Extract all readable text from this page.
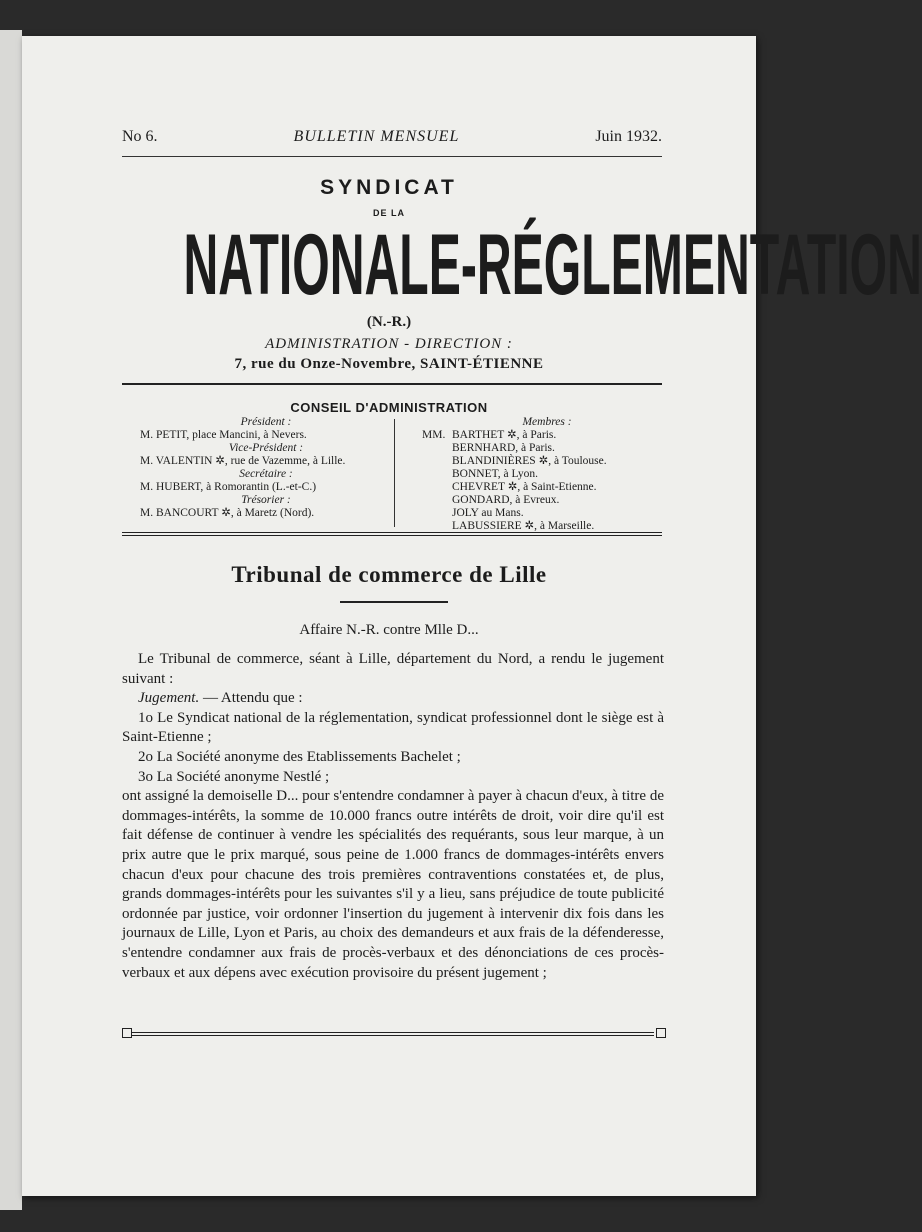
No 6.	BULLETIN MENSUEL	Juin 1932.
SYNDICAT
DE LA
NATIONALE-RÉGLEMENTATION
(N.-R.)
ADMINISTRATION - DIRECTION :
7, rue du Onze-Novembre, SAINT-ÉTIENNE
CONSEIL D'ADMINISTRATION
Président :
M. PETIT, place Mancini, à Nevers.
Vice-Président :
M. VALENTIN ✲, rue de Vazemme, à Lille.
Secrétaire :
M. HUBERT, à Romorantin (L.-et-C.)
Trésorier :
M. BANCOURT ✲, à Maretz (Nord).
Membres :
MM. BARTHET ✲, à Paris.
BERNHARD, à Paris.
BLANDINIÈRES ✲, à Toulouse.
BONNET, à Lyon.
CHEVRET ✲, à Saint-Etienne.
GONDARD, à Evreux.
JOLY au Mans.
LABUSSIERE ✲, à Marseille.
Tribunal de commerce de Lille
Affaire N.-R. contre Mlle D...

Le Tribunal de commerce, séant à Lille, département du Nord, a rendu le jugement suivant :

Jugement. — Attendu que :

1o Le Syndicat national de la réglementation, syndicat professionnel dont le siège est à Saint-Etienne ;

2o La Société anonyme des Etablissements Bachelet ;

3o La Société anonyme Nestlé ;

ont assigné la demoiselle D... pour s'entendre condamner à payer à chacun d'eux, à titre de dommages-intérêts, la somme de 10.000 francs outre intérêts de droit, voir dire qu'il est fait défense de continuer à vendre les spécialités des requérants, sous leur marque, à un prix autre que le prix marqué, sous peine de 1.000 francs de dommages-intérêts envers chacun d'eux pour chacune des trois premières contraventions constatées et, de plus, grands dommages-intérêts pour les suivantes s'il y a lieu, sans préjudice de toute publicité ordonnée par justice, voir ordonner l'insertion du jugement à intervenir dix fois dans les journaux de Lille, Lyon et Paris, au choix des demandeurs et aux frais de la défenderesse, s'entendre condamner aux frais de procès-verbaux et des dénonciations de ces procès-verbaux et aux dépens avec exécution provisoire du présent jugement ;
